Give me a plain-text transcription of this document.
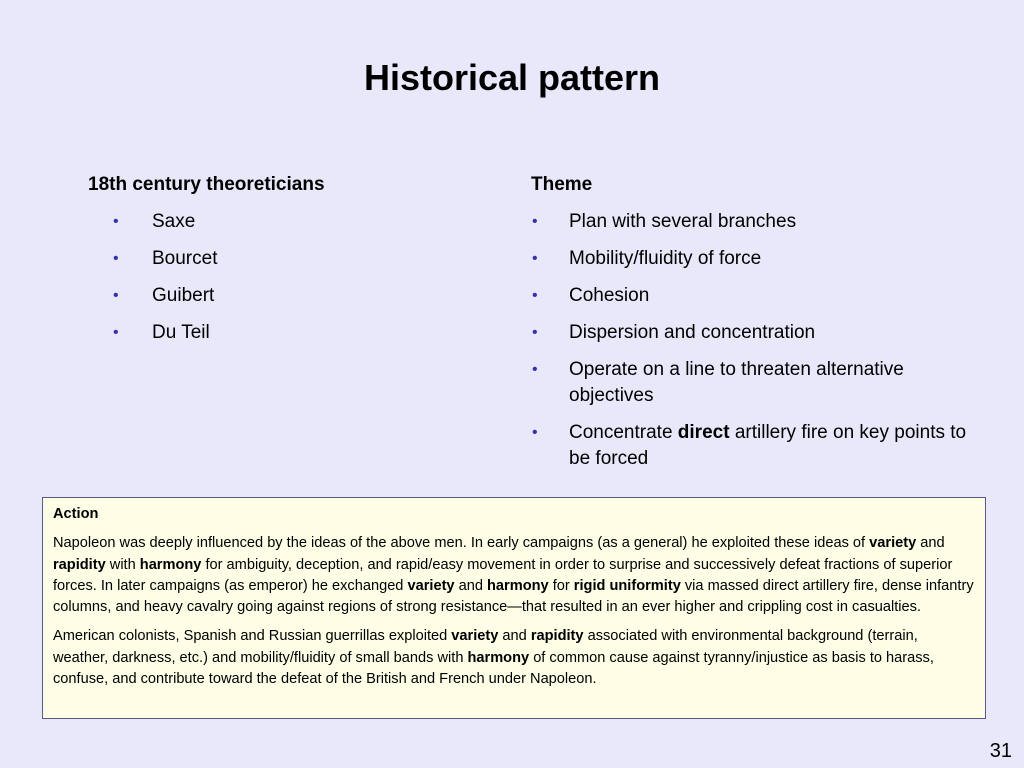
Historical pattern
18th century theoreticians
• Saxe
• Bourcet
• Guibert
• Du Teil
Theme
• Plan with several branches
• Mobility/fluidity of force
• Cohesion
• Dispersion and concentration
• Operate on a line to threaten alternative objectives
• Concentrate direct artillery fire on key points to be forced

Action

Napoleon was deeply influenced by the ideas of the above men. In early campaigns (as a general) he exploited these ideas of variety and rapidity with harmony for ambiguity, deception, and rapid/easy movement in order to surprise and successively defeat fractions of superior forces. In later campaigns (as emperor) he exchanged variety and harmony for rigid uniformity via massed direct artillery fire, dense infantry columns, and heavy cavalry going against regions of strong resistance—that resulted in an ever higher and crippling cost in casualties.

American colonists, Spanish and Russian guerrillas exploited variety and rapidity associated with environmental background (terrain, weather, darkness, etc.) and mobility/fluidity of small bands with harmony of common cause against tyranny/injustice as basis to harass, confuse, and contribute toward the defeat of the British and French under Napoleon.

31
